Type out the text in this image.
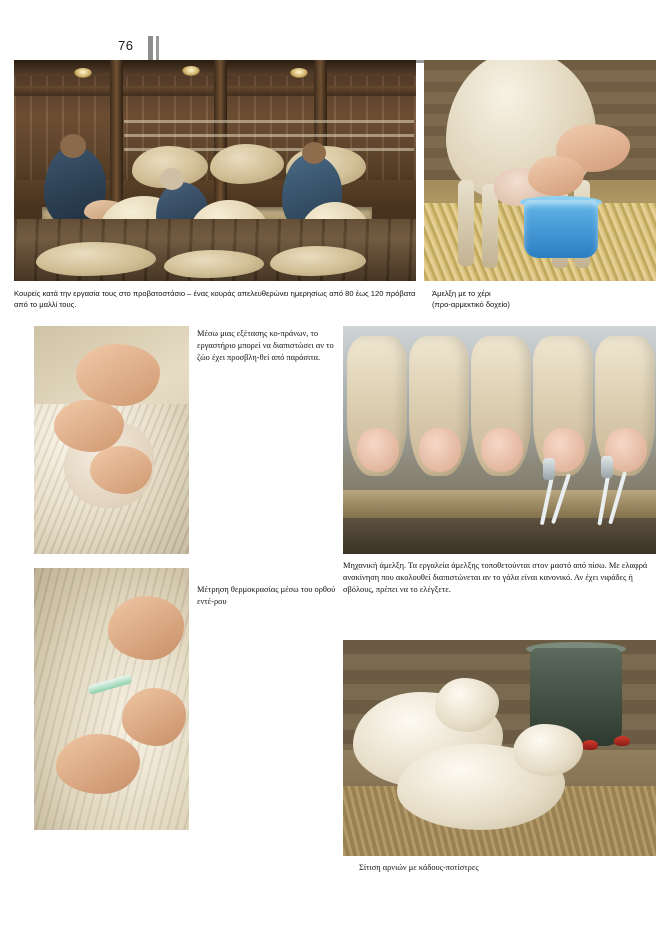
76
Κουρείς κατά την εργασία τους στο προβατοστάσιο – ένας κουράς απελευθερώνει ημερησίως από 80 έως 120 πρόβατα από το μαλλί τους.
Άμελξη με το χέρι
(προ-αρμεκτικό δοχείο)
Μέσω μιας εξέτασης κο-πράνων, το εργαστήριο μπορεί να διαπιστώσει αν το ζώο έχει προσβλη-θεί από παράσιτα.
Μηχανική άμελξη. Τα εργαλεία άμελξης τοποθετούνται στον μαστό από πίσω. Με ελαφρά ανακίνηση που ακολουθεί διαπιστώνεται αν το γάλα είναι κανονικό. Αν έχει νιφάδες ή σβόλους, πρέπει να το ελέγξετε.
Μέτρηση θερμοκρασίας μέσω του ορθού εντέ-ρου
Σίτιση αρνιών με κάδους-ποτίστρες
